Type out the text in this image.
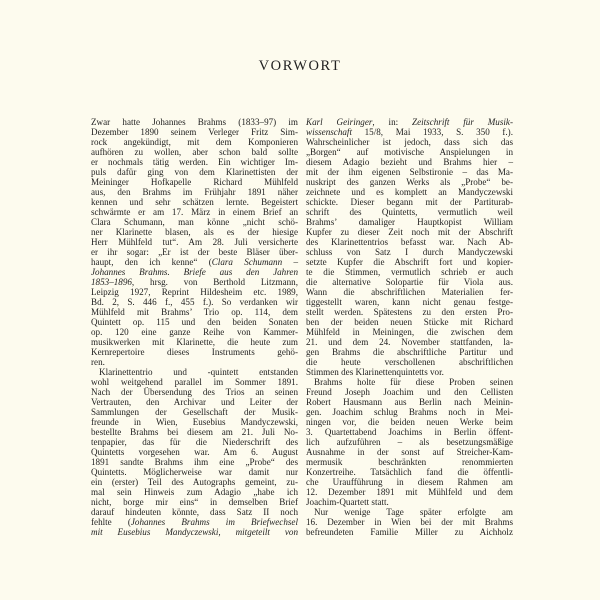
VORWORT
Zwar hatte Johannes Brahms (1833–97) im
Dezember 1890 seinem Verleger Fritz Sim-
rock angekündigt, mit dem Komponieren
aufhören zu wollen, aber schon bald sollte
er nochmals tätig werden. Ein wichtiger Im-
puls dafür ging von dem Klarinettisten der
Meininger Hofkapelle Richard Mühlfeld
aus, den Brahms im Frühjahr 1891 näher
kennen und sehr schätzen lernte. Begeistert
schwärmte er am 17. März in einem Brief an
Clara Schumann, man könne „nicht schö-
ner Klarinette blasen, als es der hiesige
Herr Mühlfeld tut“. Am 28. Juli versicherte
er ihr sogar: „Er ist der beste Bläser über-
haupt, den ich kenne“ (Clara Schumann –
Johannes Brahms. Briefe aus den Jahren
1853–1896, hrsg. von Berthold Litzmann,
Leipzig 1927, Reprint Hildesheim etc. 1989,
Bd. 2, S. 446 f., 455 f.). So verdanken wir
Mühlfeld mit Brahms’ Trio op. 114, dem
Quintett op. 115 und den beiden Sonaten
op. 120 eine ganze Reihe von Kammer-
musikwerken mit Klarinette, die heute zum
Kernrepertoire dieses Instruments gehö-
ren.
Klarinettentrio und -quintett entstanden
wohl weitgehend parallel im Sommer 1891.
Nach der Übersendung des Trios an seinen
Vertrauten, den Archivar und Leiter der
Sammlungen der Gesellschaft der Musik-
freunde in Wien, Eusebius Mandyczewski,
bestellte Brahms bei diesem am 21. Juli No-
tenpapier, das für die Niederschrift des
Quintetts vorgesehen war. Am 6. August
1891 sandte Brahms ihm eine „Probe“ des
Quintetts. Möglicherweise war damit nur
ein (erster) Teil des Autographs gemeint, zu-
mal sein Hinweis zum Adagio „habe ich
nicht, borge mir eins“ in demselben Brief
darauf hindeuten könnte, dass Satz II noch
fehlte (Johannes Brahms im Briefwechsel
mit Eusebius Mandyczewski, mitgeteilt von
Karl Geiringer, in: Zeitschrift für Musik-
wissenschaft 15/8, Mai 1933, S. 350 f.).
Wahrscheinlicher ist jedoch, dass sich das
„Borgen“ auf motivische Anspielungen in
diesem Adagio bezieht und Brahms hier –
mit der ihm eigenen Selbstironie – das Ma-
nuskript des ganzen Werks als „Probe“ be-
zeichnete und es komplett an Mandyczewski
schickte. Dieser begann mit der Partiturab-
schrift des Quintetts, vermutlich weil
Brahms’ damaliger Hauptkopist William
Kupfer zu dieser Zeit noch mit der Abschrift
des Klarinettentrios befasst war. Nach Ab-
schluss von Satz I durch Mandyczewski
setzte Kupfer die Abschrift fort und kopier-
te die Stimmen, vermutlich schrieb er auch
die alternative Solopartie für Viola aus.
Wann die abschriftlichen Materialien fer-
tiggestellt waren, kann nicht genau festge-
stellt werden. Spätestens zu den ersten Pro-
ben der beiden neuen Stücke mit Richard
Mühlfeld in Meiningen, die zwischen dem
21. und dem 24. November stattfanden, la-
gen Brahms die abschriftliche Partitur und
die heute verschollenen abschriftlichen
Stimmen des Klarinettenquintetts vor.
Brahms holte für diese Proben seinen
Freund Joseph Joachim und den Cellisten
Robert Hausmann aus Berlin nach Meinin-
gen. Joachim schlug Brahms noch in Mei-
ningen vor, die beiden neuen Werke beim
3. Quartettabend Joachims in Berlin öffent-
lich aufzuführen – als besetzungsmäßige
Ausnahme in der sonst auf Streicher-Kam-
mermusik beschränkten renommierten
Konzertreihe. Tatsächlich fand die öffentli-
che Uraufführung in diesem Rahmen am
12. Dezember 1891 mit Mühlfeld und dem
Joachim-Quartett statt.
Nur wenige Tage später erfolgte am
16. Dezember in Wien bei der mit Brahms
befreundeten Familie Miller zu Aichholz
